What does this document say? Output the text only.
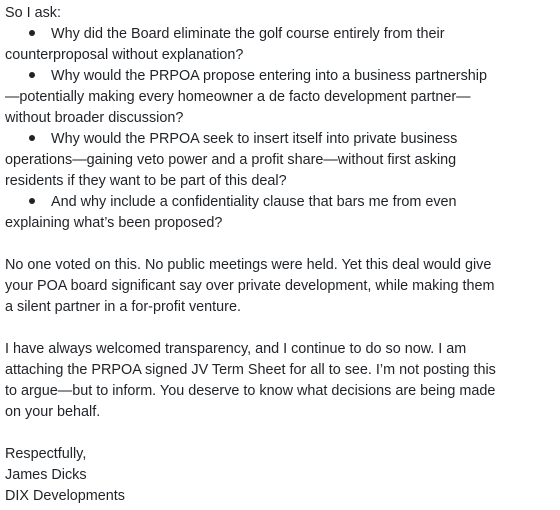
So I ask:
Why did the Board eliminate the golf course entirely from their
counterproposal without explanation?
Why would the PRPOA propose entering into a business partnership
—potentially making every homeowner a de facto development partner—
without broader discussion?
Why would the PRPOA seek to insert itself into private business
operations—gaining veto power and a profit share—without first asking
residents if they want to be part of this deal?
And why include a confidentiality clause that bars me from even
explaining what’s been proposed?
No one voted on this. No public meetings were held. Yet this deal would give
your POA board significant say over private development, while making them
a silent partner in a for-profit venture.
I have always welcomed transparency, and I continue to do so now. I am
attaching the PRPOA signed JV Term Sheet for all to see. I’m not posting this
to argue—but to inform. You deserve to know what decisions are being made
on your behalf.
Respectfully,
James Dicks
DIX Developments
